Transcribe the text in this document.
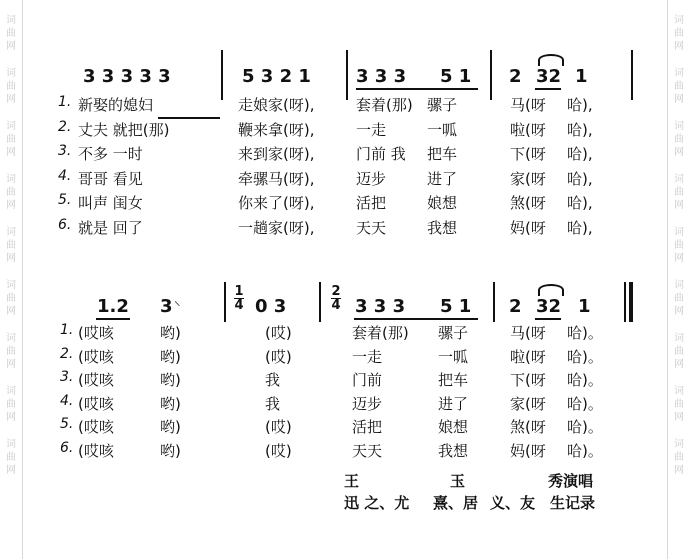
词
曲
网
词
曲
网
词
曲
网
词
曲
网
词
曲
网
词
曲
网
词
曲
网
词
曲
网
词
曲
网
词
曲
网
词
曲
网
词
曲
网
词
曲
网
词
曲
网
词
曲
网
词
曲
网
词
曲
网
词
曲
网
3 3 3 3 3	5 3 2 1	3 3 3 5 1 2 32 1
1. 新娶的媳妇	走娘家(呀),	套着(那) 骡子	马(呀 哈),
2. 丈夫 就把(那)	鞭来拿(呀),	一走	一呱	啦(呀 哈),
3. 不多 一时	来到家(呀),	门前 我 把车	下(呀 哈),
4. 哥哥 看见	牵骡马(呀),	迈步	进了	家(呀 哈),
5. 叫声 闺女	你来了(呀),	活把	娘想	煞(呀 哈),
6. 就是 回了	一趟家(呀),	天天	我想	妈(呀 哈),
1.2 3 ⸜
1
4 0 3
2
4 3 3 3 5 1 2 32 1
1. (哎咳	哟)	(哎)	套着(那) 骡子	马(呀 哈)。
2. (哎咳	哟)	(哎)	一走	一呱	啦(呀 哈)。
3. (哎咳	哟)	我	门前	把车	下(呀 哈)。
4. (哎咳	哟)	我	迈步	进了	家(呀 哈)。
5. (哎咳	哟)	(哎)	活把	娘想	煞(呀 哈)。
6. (哎咳	哟)	(哎)	天天	我想	妈(呀 哈)。
王	玉	秀演唱
迅 之、尤 熹、居 义、友 生记录
